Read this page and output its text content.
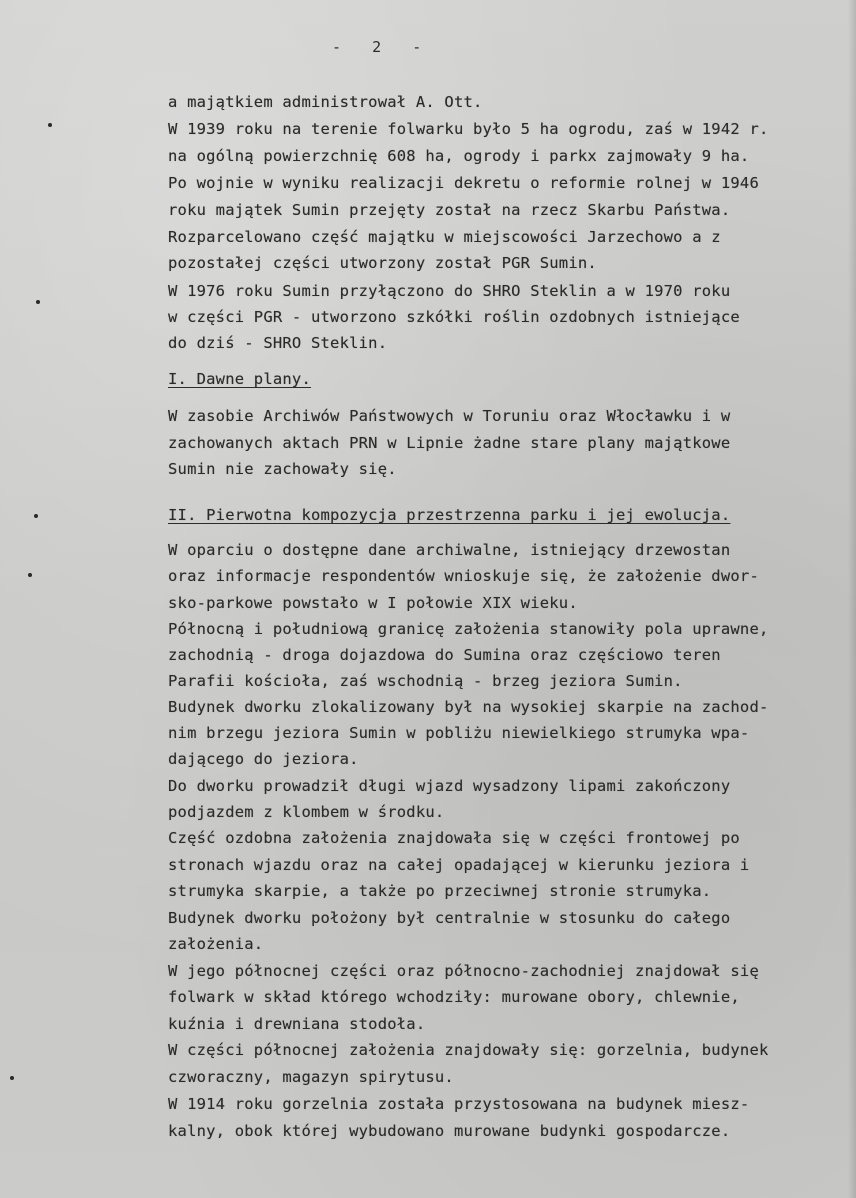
-   2   -
a majątkiem administrował A. Ott.
W 1939 roku na terenie folwarku było 5 ha ogrodu, zaś w 1942 r.
na ogólną powierzchnię 608 ha, ogrody i parkx zajmowały 9 ha.
Po wojnie w wyniku realizacji dekretu o reformie rolnej w 1946
roku majątek Sumin przejęty został na rzecz Skarbu Państwa.
Rozparcelowano część majątku w miejscowości Jarzechowo a z
pozostałej części utworzony został PGR Sumin.
W 1976 roku Sumin przyłączono do SHRO Steklin a w 1970 roku
w części PGR - utworzono szkółki roślin ozdobnych istniejące
do dziś - SHRO Steklin.
I. Dawne plany.
W zasobie Archiwów Państwowych w Toruniu oraz Włocławku i w
zachowanych aktach PRN w Lipnie żadne stare plany majątkowe
Sumin nie zachowały się.
II. Pierwotna kompozycja przestrzenna parku i jej ewolucja.
W oparciu o dostępne dane archiwalne, istniejący drzewostan
oraz informacje respondentów wnioskuje się, że założenie dwor-
sko-parkowe powstało w I połowie XIX wieku.
Północną i południową granicę założenia stanowiły pola uprawne,
zachodnią - droga dojazdowa do Sumina oraz częściowo teren
Parafii kościoła, zaś wschodnią - brzeg jeziora Sumin.
Budynek dworku zlokalizowany był na wysokiej skarpie na zachod-
nim brzegu jeziora Sumin w pobliżu niewielkiego strumyka wpa-
dającego do jeziora.
Do dworku prowadził długi wjazd wysadzony lipami zakończony
podjazdem z klombem w środku.
Część ozdobna założenia znajdowała się w części frontowej po
stronach wjazdu oraz na całej opadającej w kierunku jeziora i
strumyka skarpie, a także po przeciwnej stronie strumyka.
Budynek dworku położony był centralnie w stosunku do całego
założenia.
W jego północnej części oraz północno-zachodniej znajdował się
folwark w skład którego wchodziły: murowane obory, chlewnie,
kuźnia i drewniana stodoła.
W części północnej założenia znajdowały się: gorzelnia, budynek
czworaczny, magazyn spirytusu.
W 1914 roku gorzelnia została przystosowana na budynek miesz-
kalny, obok której wybudowano murowane budynki gospodarcze.
